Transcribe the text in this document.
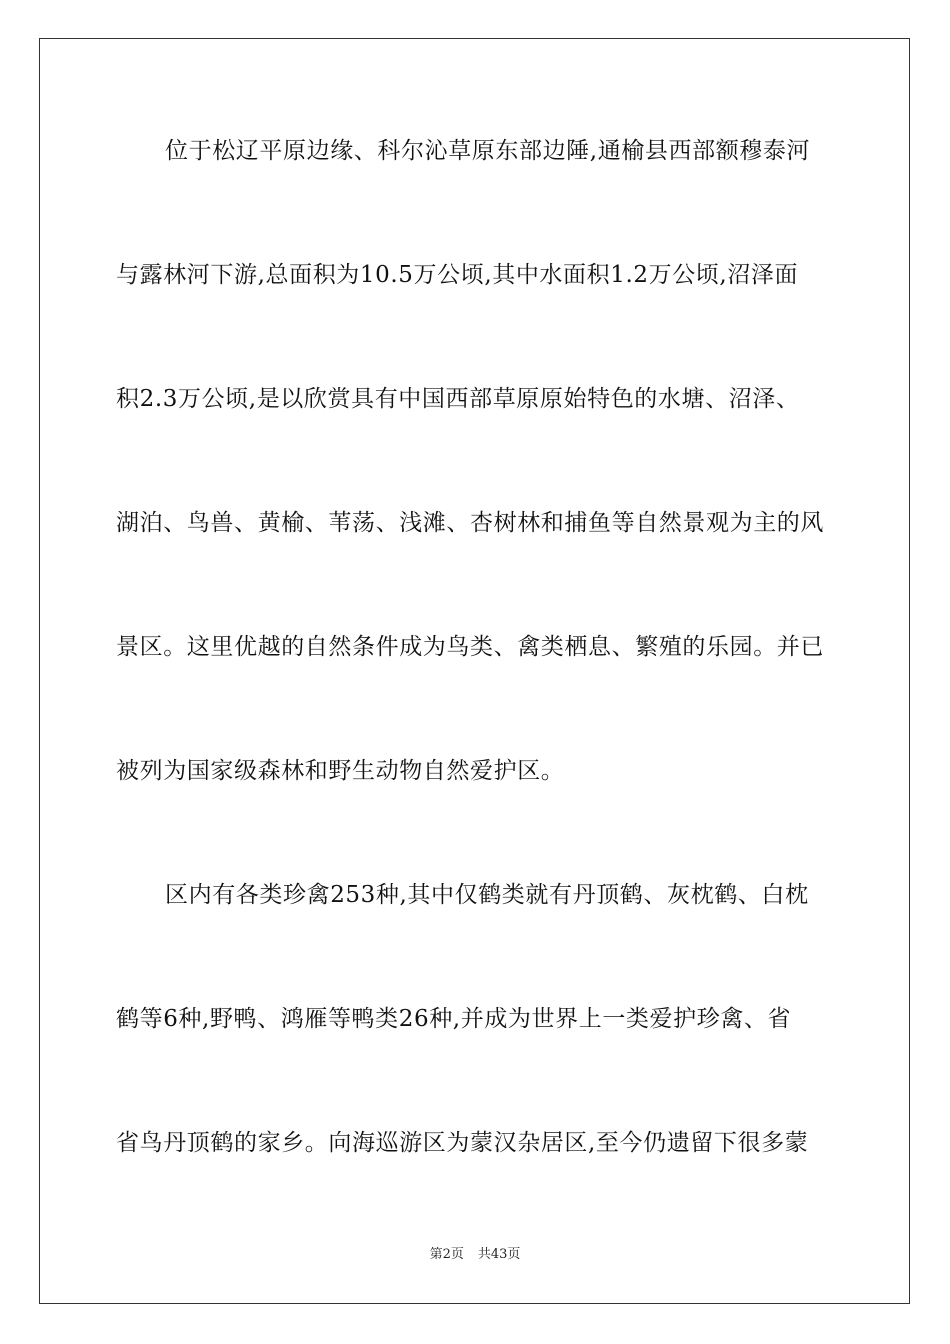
位于松辽平原边缘、科尔沁草原东部边陲,通榆县西部额穆泰河
与露林河下游,总面积为10.5万公顷,其中水面积1.2万公顷,沼泽面
积2.3万公顷,是以欣赏具有中国西部草原原始特色的水塘、沼泽、
湖泊、鸟兽、黄榆、苇荡、浅滩、杏树林和捕鱼等自然景观为主的风
景区。这里优越的自然条件成为鸟类、禽类栖息、繁殖的乐园。并已
被列为国家级森林和野生动物自然爱护区。
区内有各类珍禽253种,其中仅鹤类就有丹顶鹤、灰枕鹤、白枕
鹤等6种,野鸭、鸿雁等鸭类26种,并成为世界上一类爱护珍禽、省
省鸟丹顶鹤的家乡。向海巡游区为蒙汉杂居区,至今仍遗留下很多蒙
第2页 共43页
